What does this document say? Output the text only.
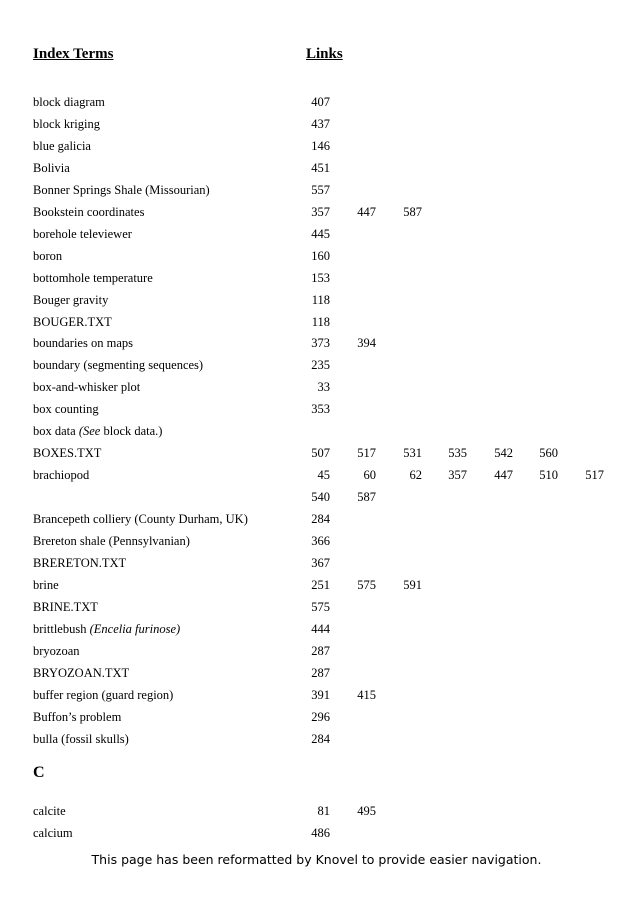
Index Terms	Links
block diagram	407
block kriging	437
blue galicia	146
Bolivia	451
Bonner Springs Shale (Missourian)	557
Bookstein coordinates	357	447	587
borehole televiewer	445
boron	160
bottomhole temperature	153
Bouger gravity	118
BOUGER.TXT	118
boundaries on maps	373	394
boundary (segmenting sequences)	235
box-and-whisker plot	33
box counting	353
box data (See block data.)
BOXES.TXT	507	517	531	535	542	560
brachiopod	45	60	62	357	447	510	517
540	587
Brancepeth colliery (County Durham, UK)	284
Brereton shale (Pennsylvanian)	366
BRERETON.TXT	367
brine	251	575	591
BRINE.TXT	575
brittlebush (Encelia furinose)	444
bryozoan	287
BRYOZOAN.TXT	287
buffer region (guard region)	391	415
Buffon’s problem	296
bulla (fossil skulls)	284
C
calcite	81	495
calcium	486
This page has been reformatted by Knovel to provide easier navigation.
